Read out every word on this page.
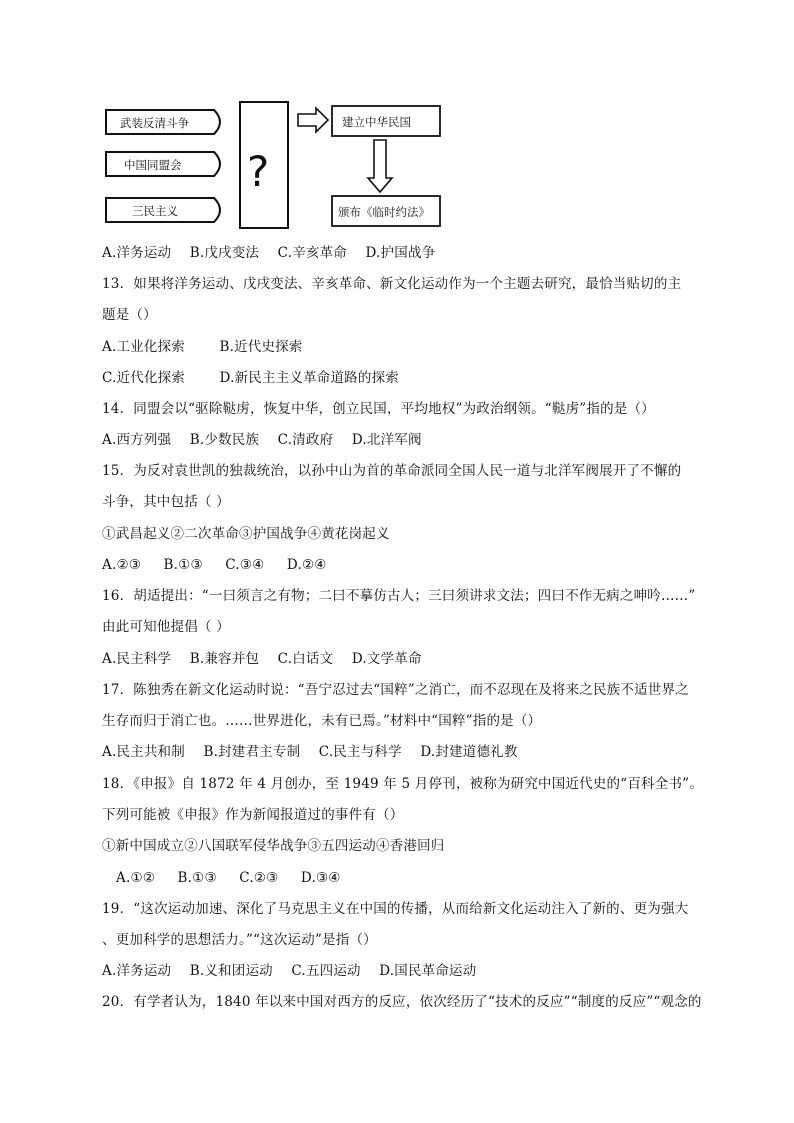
武装反清斗争
中国同盟会
三民主义
?
建立中华民国
颁布《临时约法》
A.洋务运动 B.戊戌变法 C.辛亥革命 D.护国战争
13．如果将洋务运动、戊戌变法、辛亥革命、新文化运动作为一个主题去研究，最恰当贴切的主
题是（）
A.工业化探索	B.近代史探索
C.近代化探索	D.新民主主义革命道路的探索
14．同盟会以“驱除鞑虏，恢复中华，创立民国，平均地权”为政治纲领。“鞑虏”指的是（）
A.西方列强 B.少数民族 C.清政府 D.北洋军阀
15．为反对袁世凯的独裁统治，以孙中山为首的革命派同全国人民一道与北洋军阀展开了不懈的
斗争，其中包括（ ）
①武昌起义②二次革命③护国战争④黄花岗起义
A.②③ B.①③ C.③④ D.②④
16．胡适提出：“一曰须言之有物；二曰不摹仿古人；三曰须讲求文法；四曰不作无病之呻吟……”
由此可知他提倡（ ）
A.民主科学 B.兼容并包 C.白话文 D.文学革命
17．陈独秀在新文化运动时说：“吾宁忍过去“国粹”之消亡，而不忍现在及将来之民族不适世界之
生存而归于消亡也。……世界进化，未有已焉。”材料中“国粹”指的是（）
A.民主共和制 B.封建君主专制 C.民主与科学 D.封建道德礼教
18．《申报》自 1872 年 4 月创办，至 1949 年 5 月停刊，被称为研究中国近代史的“百科全书”。
下列可能被《申报》作为新闻报道过的事件有（）
①新中国成立②八国联军侵华战争③五四运动④香港回归
A.①② B.①③ C.②③ D.③④
19．“这次运动加速、深化了马克思主义在中国的传播，从而给新文化运动注入了新的、更为强大
、更加科学的思想活力。”“这次运动”是指（）
A.洋务运动 B.义和团运动 C.五四运动 D.国民革命运动
20．有学者认为，1840 年以来中国对西方的反应，依次经历了“技术的反应”“制度的反应”“观念的
